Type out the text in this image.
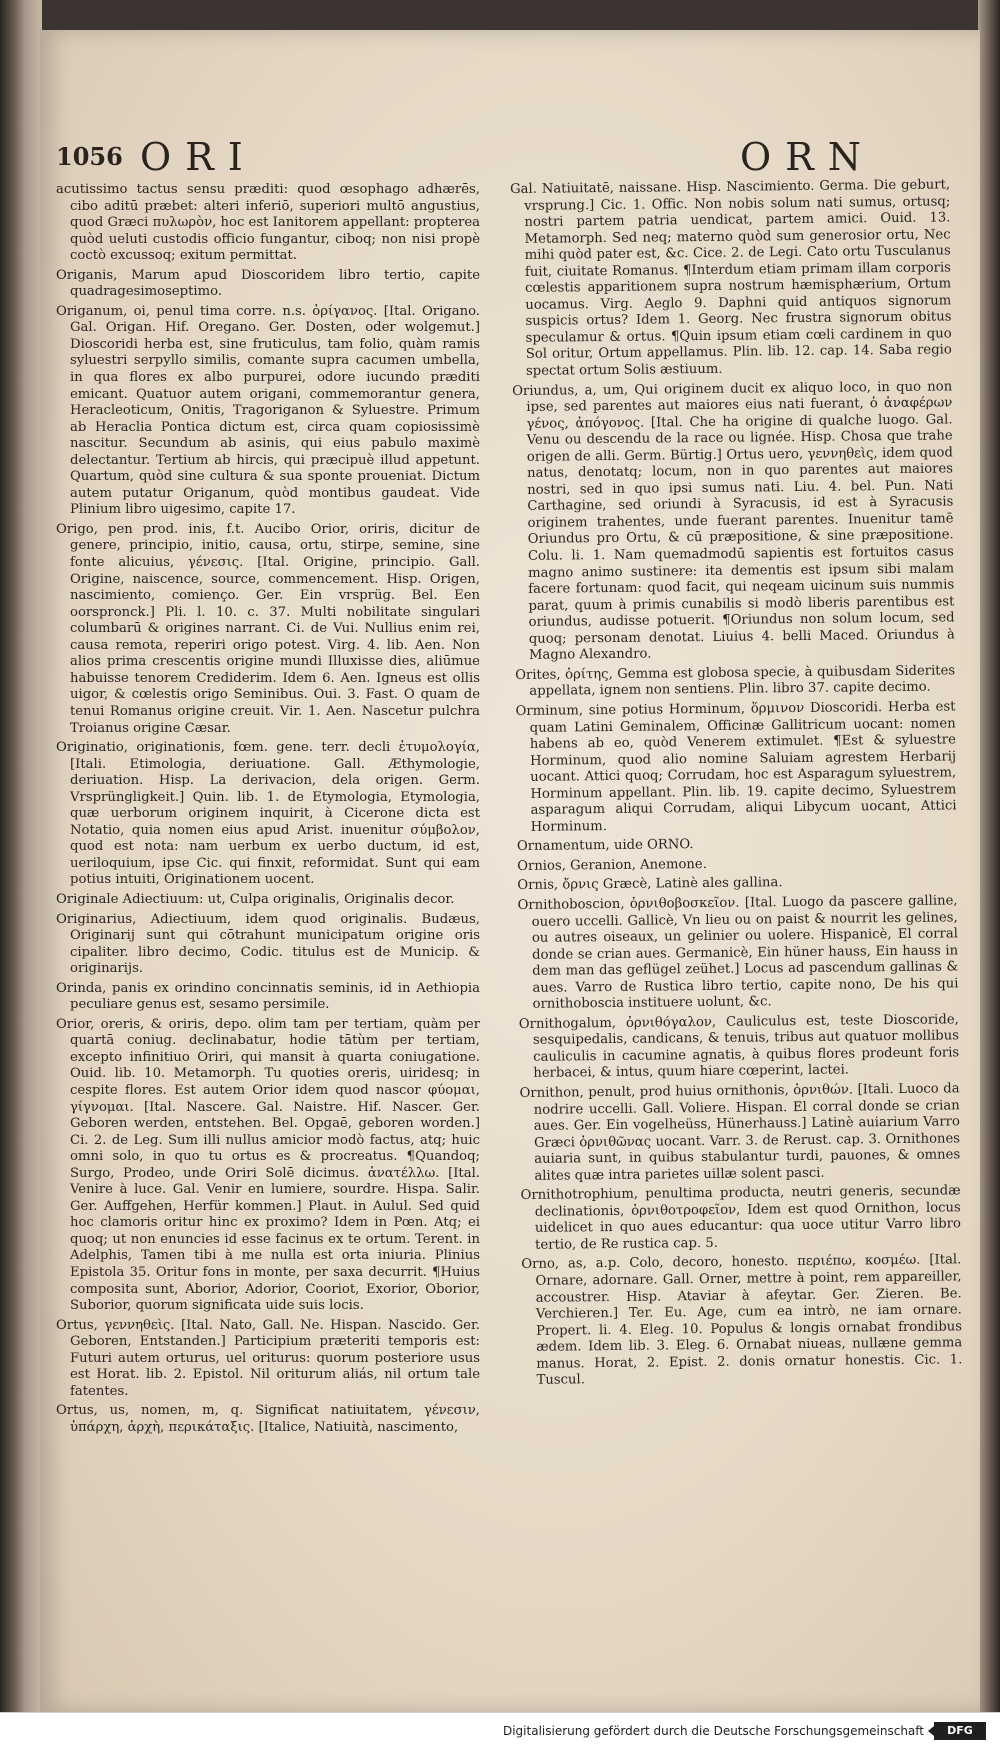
1056 ORI	ORN

acutissimo tactus sensu prӕditi: quod œsophago adhӕrēs, cibo aditū prӕbet: alteri inferiō, superiori multō angustius, quod Grӕci πυλωρὸν, hoc est Ianitorem appellant: propterea quòd ueluti custodis officio fungantur, ciboq; non nisi propè coctò excussoq; exitum permittat.

Origanis, Marum apud Dioscoridem libro tertio, capite quadragesimoseptimo.

Origanum, oi, penul tima corre. n.s. ὀρίγανος. [Ital. Origano. Gal. Origan. Hif. Oregano. Ger. Dosten, oder wolgemut.] Dioscoridi herba est, sine fruticulus, tam folio, quàm ramis syluestri serpyllo similis, comante supra cacumen umbella, in qua flores ex albo purpurei, odore iucundo prӕditi emicant. Quatuor autem origani, commemorantur genera, Heracleoticum, Onitis, Tragoriganon & Syluestre. Primum ab Heraclia Pontica dictum est, circa quam copiosissimè nascitur. Secundum ab asinis, qui eius pabulo maximè delectantur. Tertium ab hircis, qui prӕcipuè illud appetunt. Quartum, quòd sine cultura & sua sponte proueniat. Dictum autem putatur Origanum, quòd montibus gaudeat. Vide Plinium libro uigesimo, capite 17.

Origo, pen prod. inis, f.t. Aucibo Orior, oriris, dicitur de genere, principio, initio, causa, ortu, stirpe, semine, sine fonte alicuius, γένεσις. [Ital. Origine, principio. Gall. Origine, naiscence, source, commencement. Hisp. Origen, nascimiento, comienço. Ger. Ein vrsprüg. Bel. Een oorspronck.] Pli. l. 10. c. 37. Multi nobilitate singulari columbarū & origines narrant. Ci. de Vui. Nullius enim rei, causa remota, reperiri origo potest. Virg. 4. lib. Aen. Non alios prima crescentis origine mundi Illuxisse dies, aliūmue habuisse tenorem Crediderim. Idem 6. Aen. Igneus est ollis uigor, & cœlestis origo Seminibus. Oui. 3. Fast. O quam de tenui Romanus origine creuit. Vir. 1. Aen. Nascetur pulchra Troianus origine Cӕsar.

Originatio, originationis, fœm. gene. terr. decli ἐτυμολογία, [Itali. Etimologia, deriuatione. Gall. Æthymologie, deriuation. Hisp. La derivacion, dela origen. Germ. Vrsprüngligkeit.] Quin. lib. 1. de Etymologia, Etymologia, quӕ uerborum originem inquirit, à Cicerone dicta est Notatio, quia nomen eius apud Arist. inuenitur σύμβολον, quod est nota: nam uerbum ex uerbo ductum, id est, ueriloquium, ipse Cic. qui finxit, reformidat. Sunt qui eam potius intuiti, Originationem uocent.

Originale Adiectiuum: ut, Culpa originalis, Originalis decor.

Originarius, Adiectiuum, idem quod originalis. Budӕus, Originarij sunt qui cōtrahunt municipatum origine oris cipaliter. libro decimo, Codic. titulus est de Municip. & originarijs.

Orinda, panis ex orindino concinnatis seminis, id in Aethiopia peculiare genus est, sesamo persimile.

Orior, oreris, & oriris, depo. olim tam per tertiam, quàm per quartā coniug. declinabatur, hodie tātùm per tertiam, excepto infinitiuo Oriri, qui mansit à quarta coniugatione. Ouid. lib. 10. Metamorph. Tu quoties oreris, uiridesq; in cespite flores. Est autem Orior idem quod nascor φύομαι, γίγνομαι. [Ital. Nascere. Gal. Naistre. Hif. Nascer. Ger. Geboren werden, entstehen. Bel. Opgaē, geboren worden.] Ci. 2. de Leg. Sum illi nullus amicior modò factus, atq; huic omni solo, in quo tu ortus es & procreatus. ¶Quandoq; Surgo, Prodeo, unde Oriri Solē dicimus. ἀνατέλλω. [Ital. Venire à luce. Gal. Venir en lumiere, sourdre. Hispa. Salir. Ger. Auffgehen, Herfür kommen.] Plaut. in Aulul. Sed quid hoc clamoris oritur hinc ex proximo? Idem in Pœn. Atq; ei quoq; ut non enuncies id esse facinus ex te ortum. Terent. in Adelphis, Tamen tibi à me nulla est orta iniuria. Plinius Epistola 35. Oritur fons in monte, per saxa decurrit. ¶Huius composita sunt, Aborior, Adorior, Cooriot, Exorior, Oborior, Suborior, quorum significata uide suis locis.

Ortus, γεννηθεὶς. [Ital. Nato, Gall. Ne. Hispan. Nascido. Ger. Geboren, Entstanden.] Participium prӕteriti temporis est: Futuri autem orturus, uel oriturus: quorum posteriore usus est Horat. lib. 2. Epistol. Nil oriturum aliás, nil ortum tale fatentes.

Ortus, us, nomen, m, q. Significat natiuitatem, γένεσιν, ὑπάρχη, ἀρχὴ, περικάταξις. [Italice, Natiuità, nascimento,

Gal. Natiuitatē, naissane. Hisp. Nascimiento. Germa. Die geburt, vrsprung.] Cic. 1. Offic. Non nobis solum nati sumus, ortusq; nostri partem patria uendicat, partem amici. Ouid. 13. Metamorph. Sed neq; materno quòd sum generosior ortu, Nec mihi quòd pater est, &c. Cice. 2. de Legi. Cato ortu Tusculanus fuit, ciuitate Romanus. ¶Interdum etiam primam illam corporis cœlestis apparitionem supra nostrum hӕmisphӕrium, Ortum uocamus. Virg. Aeglo 9. Daphni quid antiquos signorum suspicis ortus? Idem 1. Georg. Nec frustra signorum obitus speculamur & ortus. ¶Quin ipsum etiam cœli cardinem in quo Sol oritur, Ortum appellamus. Plin. lib. 12. cap. 14. Saba regio spectat ortum Solis ӕstiuum.

Oriundus, a, um, Qui originem ducit ex aliquo loco, in quo non ipse, sed parentes aut maiores eius nati fuerant, ὁ ἀναφέρων γένος, ἀπόγονος. [Ital. Che ha origine di qualche luogo. Gal. Venu ou descendu de la race ou lignée. Hisp. Chosa que trahe origen de alli. Germ. Bürtig.] Ortus uero, γεννηθεὶς, idem quod natus, denotatq; locum, non in quo parentes aut maiores nostri, sed in quo ipsi sumus nati. Liu. 4. bel. Pun. Nati Carthagine, sed oriundi à Syracusis, id est à Syracusis originem trahentes, unde fuerant parentes. Inuenitur tamē Oriundus pro Ortu, & cū prӕpositione, & sine prӕpositione. Colu. li. 1. Nam quemadmodū sapientis est fortuitos casus magno animo sustinere: ita dementis est ipsum sibi malam facere fortunam: quod facit, qui neqeam uicinum suis nummis parat, quum à primis cunabilis si modò liberis parentibus est oriundus, audisse potuerit. ¶Oriundus non solum locum, sed quoq; personam denotat. Liuius 4. belli Maced. Oriundus à Magno Alexandro.

Orites, ὀρίτης, Gemma est globosa specie, à quibusdam Siderites appellata, ignem non sentiens. Plin. libro 37. capite decimo.

Orminum, sine potius Horminum, ὅρμινον Dioscoridi. Herba est quam Latini Geminalem, Officinӕ Gallitricum uocant: nomen habens ab eo, quòd Venerem extimulet. ¶Est & syluestre Horminum, quod alio nomine Saluiam agrestem Herbarij uocant. Attici quoq; Corrudam, hoc est Asparagum syluestrem, Horminum appellant. Plin. lib. 19. capite decimo, Syluestrem asparagum aliqui Corrudam, aliqui Libycum uocant, Attici Horminum.

Ornamentum, uide ORNO.

Ornios, Geranion, Anemone.

Ornis, ὄρνις Grӕcè, Latinè ales gallina.

Ornithoboscion, ὀρνιθοβοσκεῖον. [Ital. Luogo da pascere galline, ouero uccelli. Gallicè, Vn lieu ou on paist & nourrit les gelines, ou autres oiseaux, un gelinier ou uolere. Hispanicè, El corral donde se crian aues. Germanicè, Ein hüner hauss, Ein hauss in dem man das geflügel zeühet.] Locus ad pascendum gallinas & aues. Varro de Rustica libro tertio, capite nono, De his qui ornithoboscia instituere uolunt, &c.

Ornithogalum, ὀρνιθόγαλον, Cauliculus est, teste Dioscoride, sesquipedalis, candicans, & tenuis, tribus aut quatuor mollibus cauliculis in cacumine agnatis, à quibus flores prodeunt foris herbacei, & intus, quum hiare cœperint, lactei.

Ornithon, penult, prod huius ornithonis, ὀρνιθών. [Itali. Luoco da nodrire uccelli. Gall. Voliere. Hispan. El corral donde se crian aues. Ger. Ein vogelheüss, Hünerhauss.] Latinè auiarium Varro Grӕci ὀρνιθῶνας uocant. Varr. 3. de Rerust. cap. 3. Ornithones auiaria sunt, in quibus stabulantur turdi, pauones, & omnes alites quӕ intra parietes uillӕ solent pasci.

Ornithotrophium, penultima producta, neutri generis, secundӕ declinationis, ὀρνιθοτροφεῖον, Idem est quod Ornithon, locus uidelicet in quo aues educantur: qua uoce utitur Varro libro tertio, de Re rustica cap. 5.

Orno, as, a.p. Colo, decoro, honesto. περιέπω, κοσμέω. [Ital. Ornare, adornare. Gall. Orner, mettre à point, rem appareiller, accoustrer. Hisp. Ataviar à afeytar. Ger. Zieren. Be. Verchieren.] Ter. Eu. Age, cum ea intrò, ne iam ornare. Propert. li. 4. Eleg. 10. Populus & longis ornabat frondibus ӕdem. Idem lib. 3. Eleg. 6. Ornabat niueas, nullӕne gemma manus. Horat, 2. Epist. 2. donis ornatur honestis. Cic. 1. Tuscul.

Digitalisierung gefördert durch die Deutsche Forschungsgemeinschaft	DFG
